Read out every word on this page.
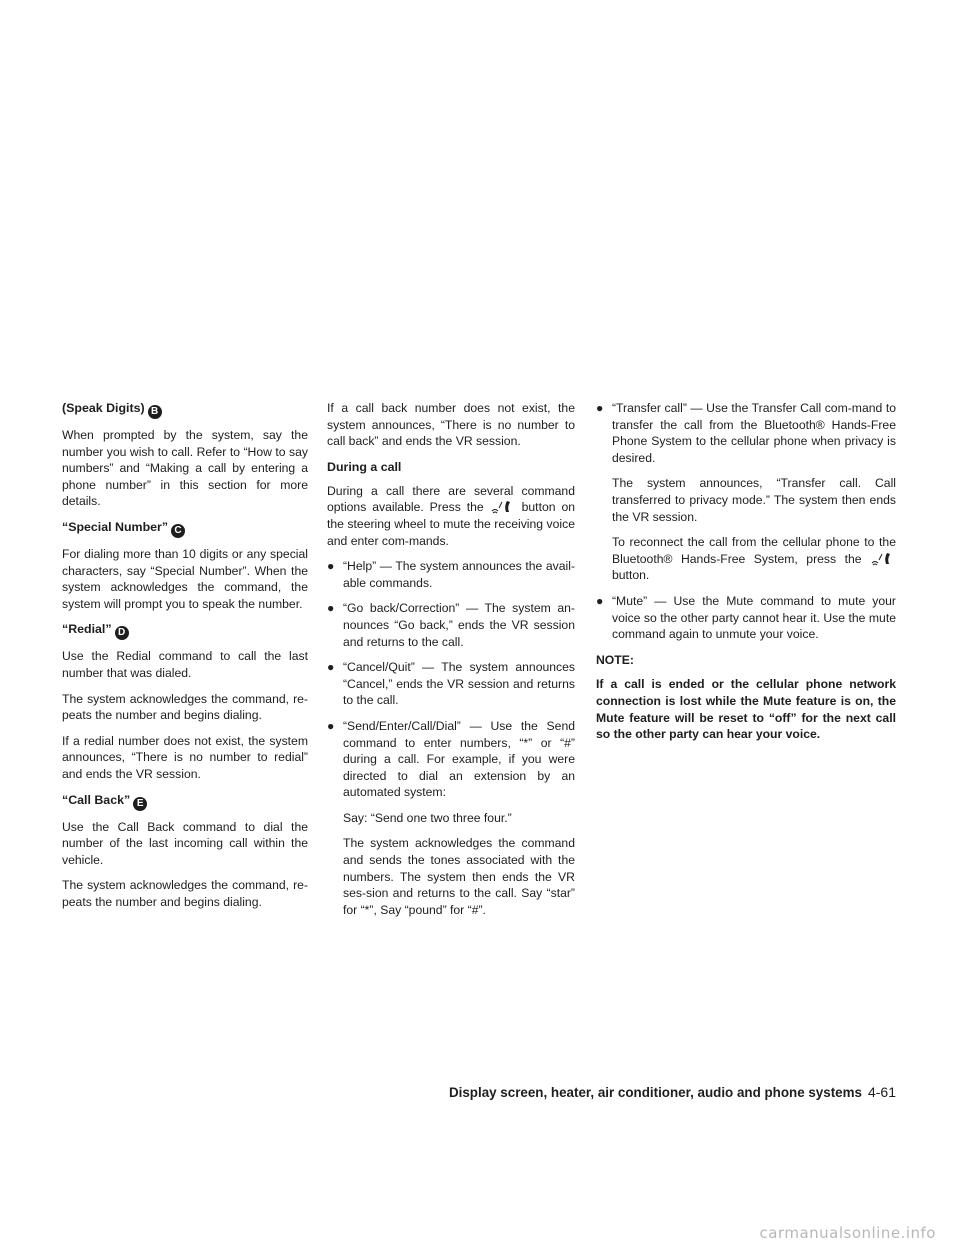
(Speak Digits) B

When prompted by the system, say the number you wish to call. Refer to “How to say numbers” and “Making a call by entering a phone number” in this section for more details.

“Special Number” C

For dialing more than 10 digits or any special characters, say “Special Number”. When the system acknowledges the command, the system will prompt you to speak the number.

“Redial” D

Use the Redial command to call the last number that was dialed.

The system acknowledges the command, re-peats the number and begins dialing.

If a redial number does not exist, the system announces, “There is no number to redial” and ends the VR session.

“Call Back” E

Use the Call Back command to dial the number of the last incoming call within the vehicle.

The system acknowledges the command, re-peats the number and begins dialing.

If a call back number does not exist, the system announces, “There is no number to call back” and ends the VR session.

During a call

During a call there are several command options available. Press the	button on the steering wheel to mute the receiving voice and enter com-mands.

● “Help” — The system announces the avail-able commands.
● “Go back/Correction” — The system an-nounces “Go back,” ends the VR session and returns to the call.
● “Cancel/Quit” — The system announces “Cancel,” ends the VR session and returns to the call.
● “Send/Enter/Call/Dial” — Use the Send command to enter numbers, “*” or “#” during a call. For example, if you were directed to dial an extension by an automated system:

Say: “Send one two three four.”

The system acknowledges the command and sends the tones associated with the numbers. The system then ends the VR ses-sion and returns to the call. Say “star” for “*”, Say “pound” for “#”.

● “Transfer call” — Use the Transfer Call com-mand to transfer the call from the Bluetooth® Hands-Free Phone System to the cellular phone when privacy is desired.

The system announces, “Transfer call. Call transferred to privacy mode.” The system then ends the VR session.

To reconnect the call from the cellular phone to the Bluetooth® Hands-Free System, press the  button.

● “Mute” — Use the Mute command to mute your voice so the other party cannot hear it. Use the mute command again to unmute your voice.
NOTE:
If a call is ended or the cellular phone network connection is lost while the Mute feature is on, the Mute feature will be reset to “off” for the next call so the other party can hear your voice.
Display screen, heater, air conditioner, audio and phone systems 4-61
carmanualsonline.info
